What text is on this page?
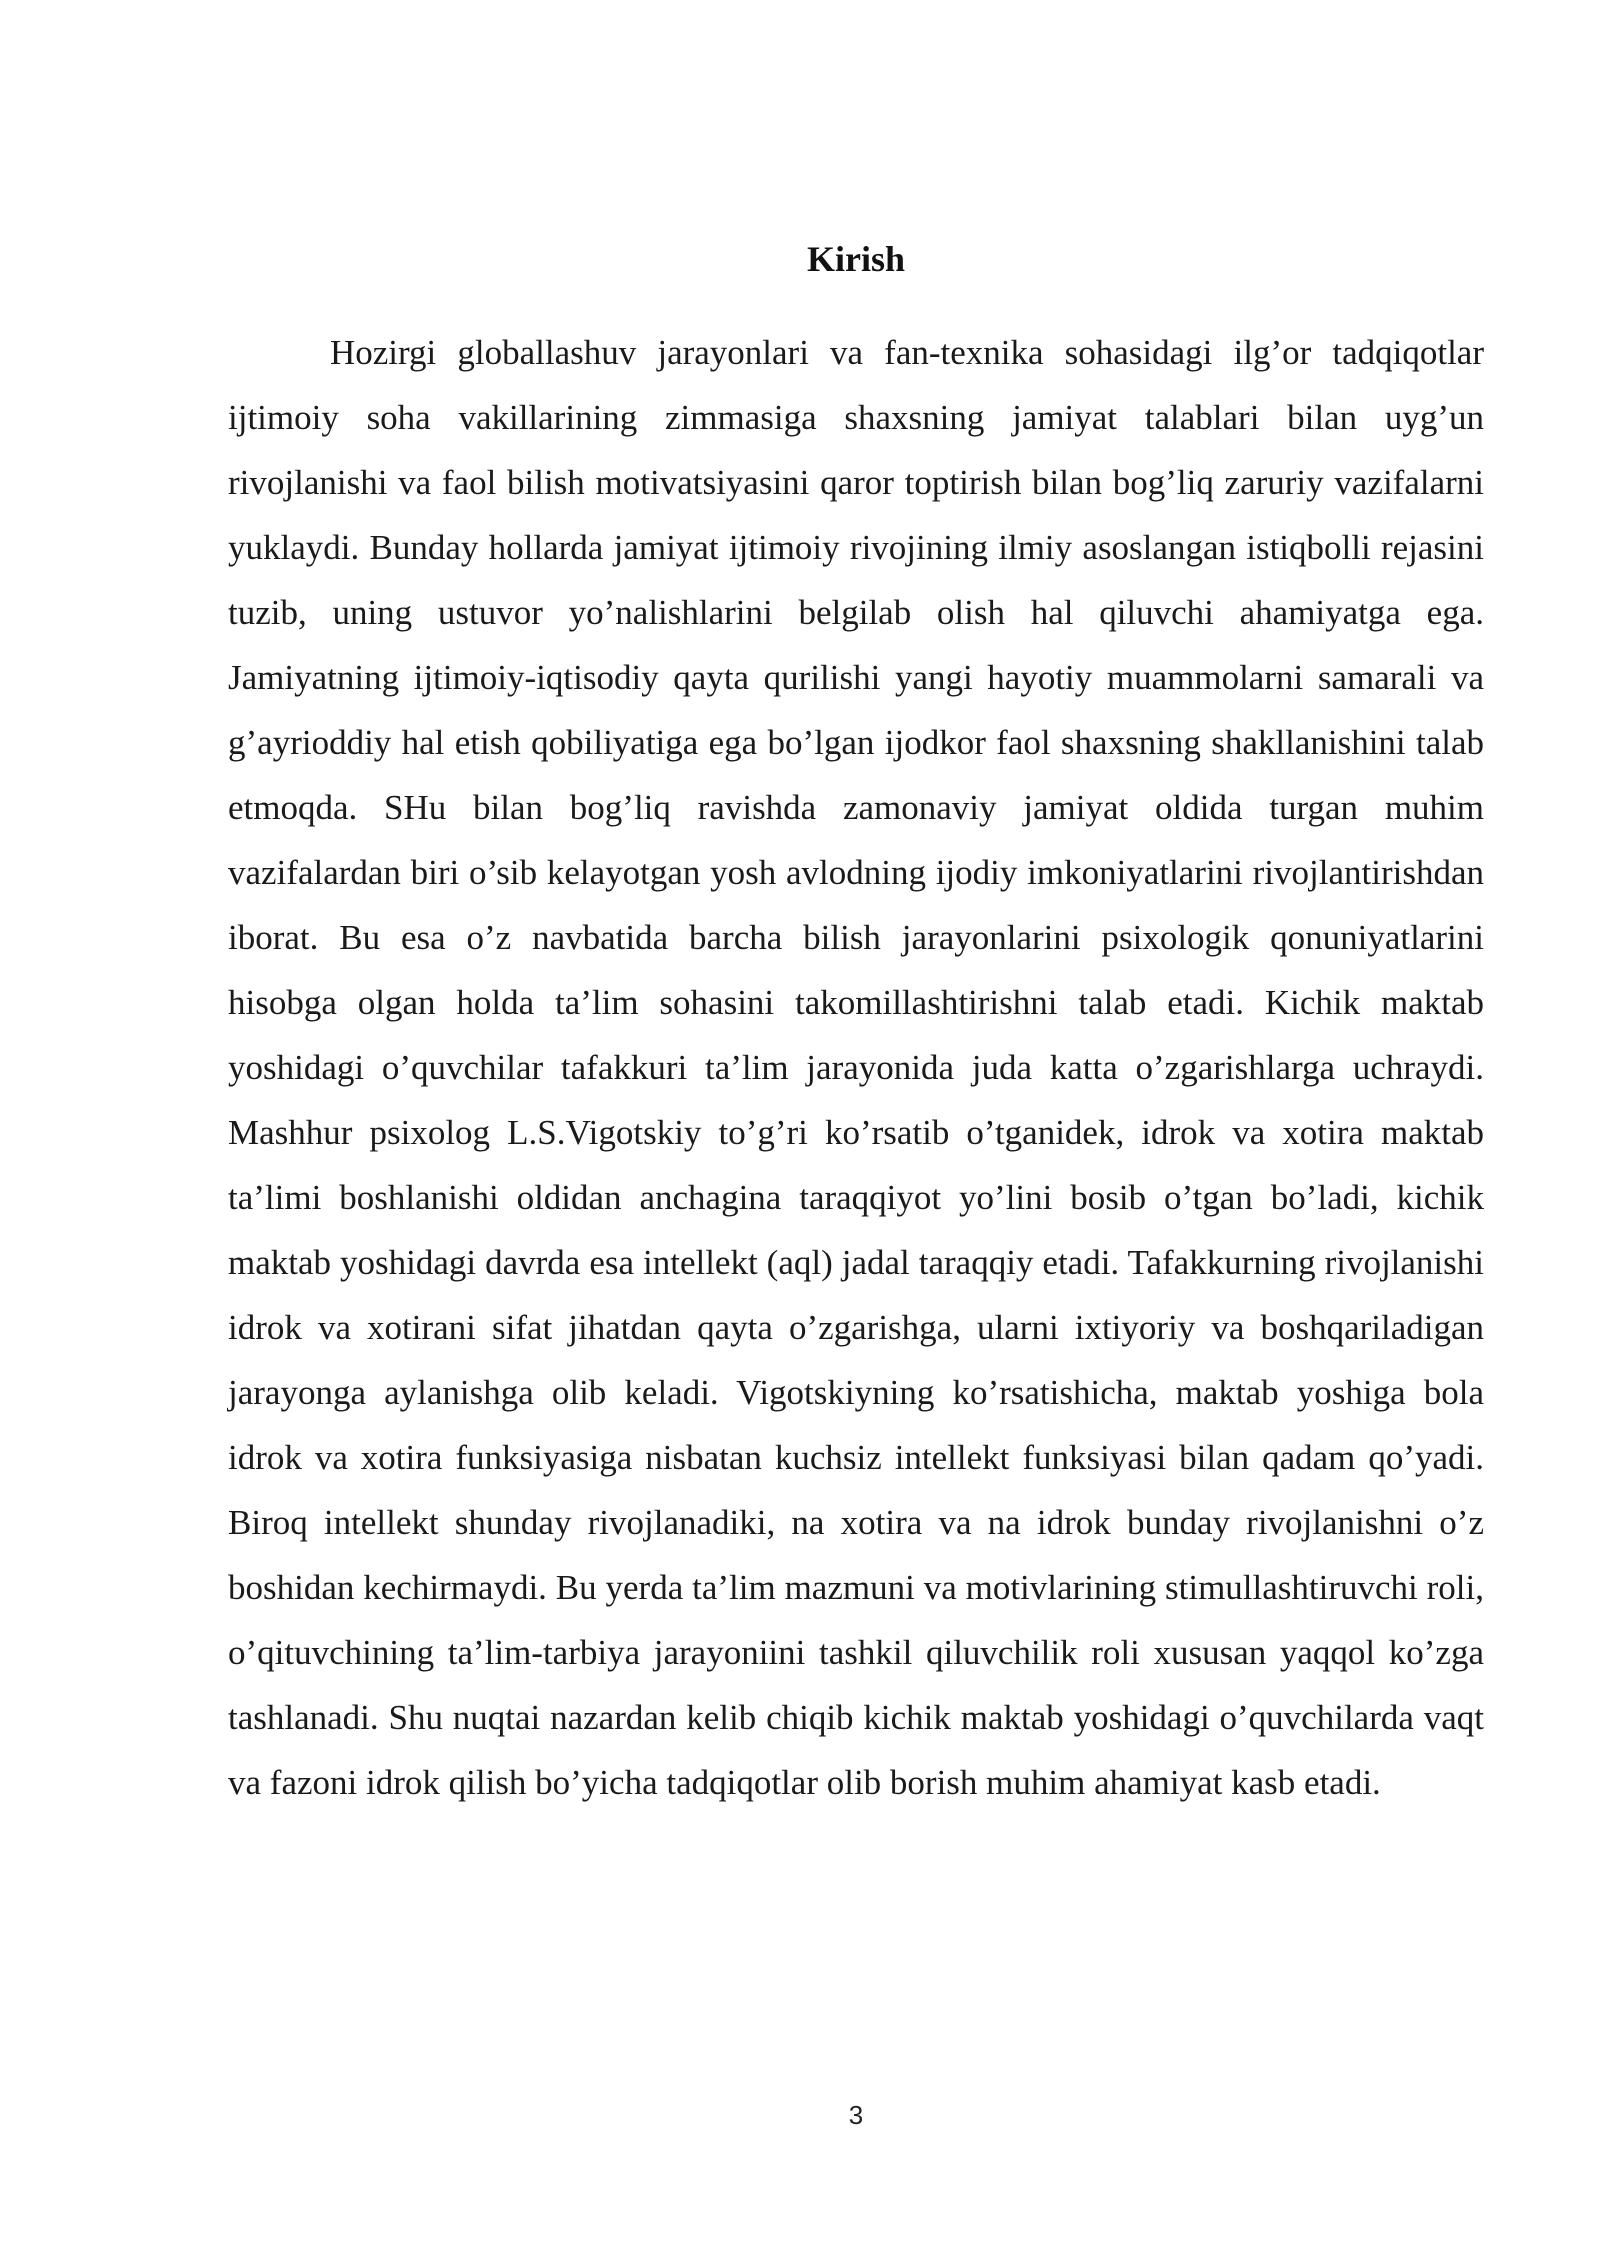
Kirish

Hozirgi globallashuv jarayonlari va fan-texnika sohasidagi ilg’or tadqiqotlar ijtimoiy soha vakillarining zimmasiga shaxsning jamiyat talablari bilan uyg’un rivojlanishi va faol bilish motivatsiyasini qaror toptirish bilan bog’liq zaruriy vazifalarni yuklaydi. Bunday hollarda jamiyat ijtimoiy rivojining ilmiy asoslangan istiqbolli rejasini tuzib, uning ustuvor yo’nalishlarini belgilab olish hal qiluvchi ahamiyatga ega. Jamiyatning ijtimoiy-iqtisodiy qayta qurilishi yangi hayotiy muammolarni samarali va g’ayrioddiy hal etish qobiliyatiga ega bo’lgan ijodkor faol shaxsning shakllanishini talab etmoqda. SHu bilan bog’liq ravishda zamonaviy jamiyat oldida turgan muhim vazifalardan biri o’sib kelayotgan yosh avlodning ijodiy imkoniyatlarini rivojlantirishdan iborat. Bu esa o’z navbatida barcha bilish jarayonlarini psixologik qonuniyatlarini hisobga olgan holda ta’lim sohasini takomillashtirishni talab etadi. Kichik maktab yoshidagi o’quvchilar tafakkuri ta’lim jarayonida juda katta o’zgarishlarga uchraydi. Mashhur psixolog L.S.Vigotskiy to’g’ri ko’rsatib o’tganidek, idrok va xotira maktab ta’limi boshlanishi oldidan anchagina taraqqiyot yo’lini bosib o’tgan bo’ladi, kichik maktab yoshidagi davrda esa intellekt (aql) jadal taraqqiy etadi. Tafakkurning rivojlanishi idrok va xotirani sifat jihatdan qayta o’zgarishga, ularni ixtiyoriy va boshqariladigan jarayonga aylanishga olib keladi. Vigotskiyning ko’rsatishicha, maktab yoshiga bola idrok va xotira funksiyasiga nisbatan kuchsiz intellekt funksiyasi bilan qadam qo’yadi. Biroq intellekt shunday rivojlanadiki, na xotira va na idrok bunday rivojlanishni o’z boshidan kechirmaydi. Bu yerda ta’lim mazmuni va motivlarining stimullashtiruvchi roli, o’qituvchining ta’lim-tarbiya jarayoniini tashkil qiluvchilik roli xususan yaqqol ko’zga tashlanadi. Shu nuqtai nazardan kelib chiqib kichik maktab yoshidagi o’quvchilarda vaqt va fazoni idrok qilish bo’yicha tadqiqotlar olib borish muhim ahamiyat kasb etadi.

3
